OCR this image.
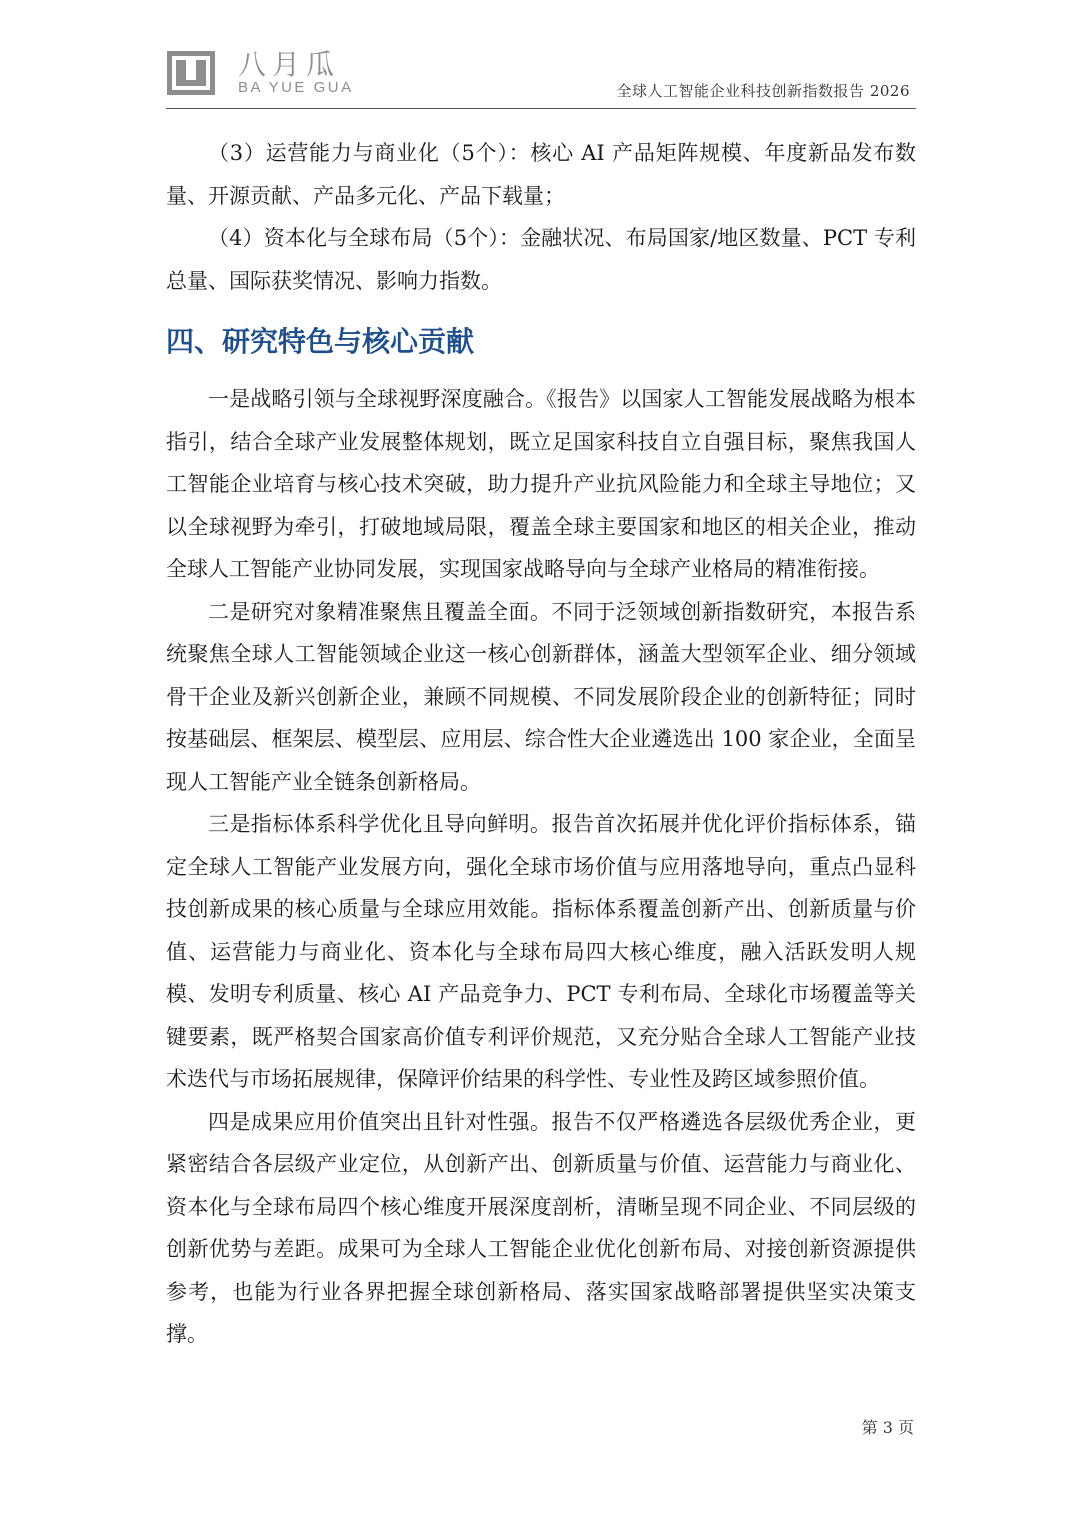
八月瓜
BA YUE GUA	全球人工智能企业科技创新指数报告 2026

（3）运营能力与商业化（5个）：核心 AI 产品矩阵规模、年度新品发布数量、开源贡献、产品多元化、产品下载量；

（4）资本化与全球布局（5个）：金融状况、布局国家/地区数量、PCT 专利总量、国际获奖情况、影响力指数。

四、研究特色与核心贡献

一是战略引领与全球视野深度融合。《报告》以国家人工智能发展战略为根本指引，结合全球产业发展整体规划，既立足国家科技自立自强目标，聚焦我国人工智能企业培育与核心技术突破，助力提升产业抗风险能力和全球主导地位；又以全球视野为牵引，打破地域局限，覆盖全球主要国家和地区的相关企业，推动全球人工智能产业协同发展，实现国家战略导向与全球产业格局的精准衔接。

二是研究对象精准聚焦且覆盖全面。不同于泛领域创新指数研究，本报告系统聚焦全球人工智能领域企业这一核心创新群体，涵盖大型领军企业、细分领域骨干企业及新兴创新企业，兼顾不同规模、不同发展阶段企业的创新特征；同时按基础层、框架层、模型层、应用层、综合性大企业遴选出 100 家企业，全面呈现人工智能产业全链条创新格局。

三是指标体系科学优化且导向鲜明。报告首次拓展并优化评价指标体系，锚定全球人工智能产业发展方向，强化全球市场价值与应用落地导向，重点凸显科技创新成果的核心质量与全球应用效能。指标体系覆盖创新产出、创新质量与价值、运营能力与商业化、资本化与全球布局四大核心维度，融入活跃发明人规模、发明专利质量、核心 AI 产品竞争力、PCT 专利布局、全球化市场覆盖等关键要素，既严格契合国家高价值专利评价规范，又充分贴合全球人工智能产业技术迭代与市场拓展规律，保障评价结果的科学性、专业性及跨区域参照价值。

四是成果应用价值突出且针对性强。报告不仅严格遴选各层级优秀企业，更紧密结合各层级产业定位，从创新产出、创新质量与价值、运营能力与商业化、资本化与全球布局四个核心维度开展深度剖析，清晰呈现不同企业、不同层级的创新优势与差距。成果可为全球人工智能企业优化创新布局、对接创新资源提供参考，也能为行业各界把握全球创新格局、落实国家战略部署提供坚实决策支撑。

第 3 页
